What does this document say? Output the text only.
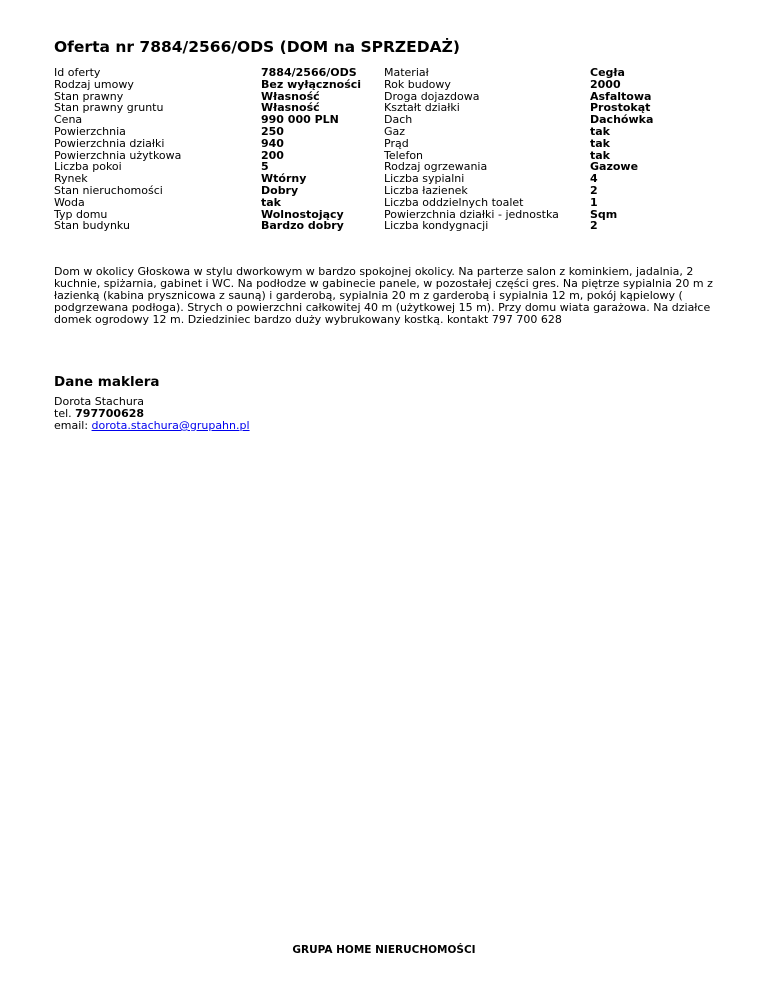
Oferta nr 7884/2566/ODS (DOM na SPRZEDAŻ)
Id oferty
Rodzaj umowy
Stan prawny
Stan prawny gruntu
Cena
Powierzchnia
Powierzchnia działki
Powierzchnia użytkowa
Liczba pokoi
Rynek
Stan nieruchomości
Woda
Typ domu
Stan budynku
7884/2566/ODS
Bez wyłączności
Własność
Własność
990 000 PLN
250
940
200
5
Wtórny
Dobry
tak
Wolnostojący
Bardzo dobry
Materiał
Rok budowy
Droga dojazdowa
Kształt działki
Dach
Gaz
Prąd
Telefon
Rodzaj ogrzewania
Liczba sypialni
Liczba łazienek
Liczba oddzielnych toalet
Powierzchnia działki - jednostka
Liczba kondygnacji
Cegła
2000
Asfaltowa
Prostokąt
Dachówka
tak
tak
tak
Gazowe
4
2
1
Sqm
2

Dom w okolicy Głoskowa w stylu dworkowym w bardzo spokojnej okolicy. Na parterze salon z kominkiem, jadalnia, 2 kuchnie, spiżarnia, gabinet i WC. Na podłodze w gabinecie panele, w pozostałej części gres. Na piętrze sypialnia 20 m z łazienką (kabina prysznicowa z sauną) i garderobą, sypialnia 20 m z garderobą i sypialnia 12 m, pokój kąpielowy ( podgrzewana podłoga). Strych o powierzchni całkowitej 40 m (użytkowej 15 m). Przy domu wiata garażowa. Na działce domek ogrodowy 12 m. Dziedziniec bardzo duży wybrukowany kostką. kontakt 797 700 628

Dane maklera
Dorota Stachura
tel. 797700628
email: dorota.stachura@grupahn.pl
GRUPA HOME NIERUCHOMOŚCI
